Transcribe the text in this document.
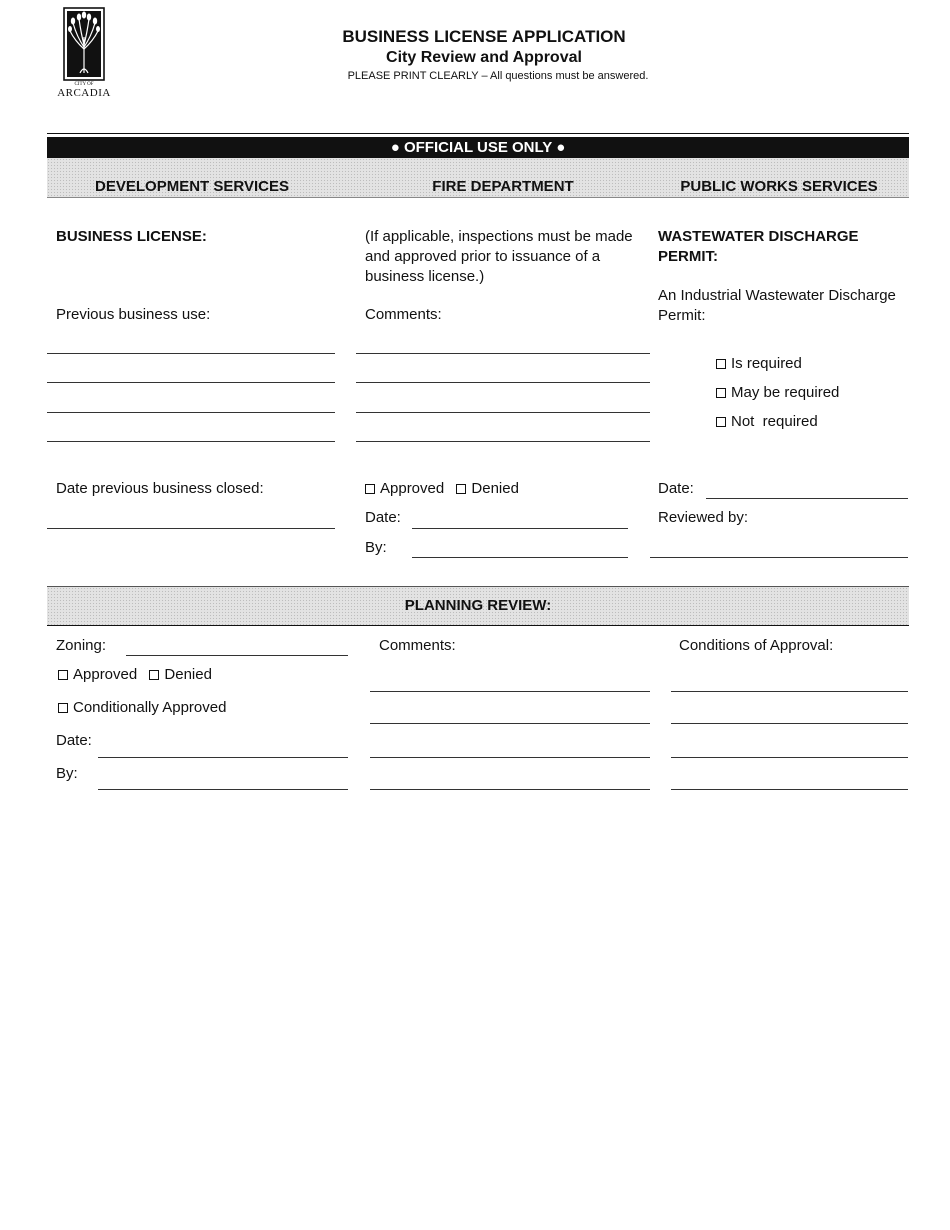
CITY OF
ARCADIA
BUSINESS LICENSE APPLICATION
City Review and Approval
PLEASE PRINT CLEARLY – All questions must be answered.
● OFFICIAL USE ONLY ●
DEVELOPMENT SERVICES	FIRE DEPARTMENT	PUBLIC WORKS SERVICES
BUSINESS LICENSE:
Previous business use:
Date previous business closed:
(If applicable, inspections must be made and approved prior to issuance of a business license.)
Comments:
Approved Denied
Date:
By:
WASTEWATER DISCHARGE PERMIT:
An Industrial Wastewater Discharge Permit:
Is required
May be required
Not  required
Date:
Reviewed by:
PLANNING REVIEW:
Zoning:
Approved Denied
Conditionally Approved
Date:
By:
Comments:	Conditions of Approval:
